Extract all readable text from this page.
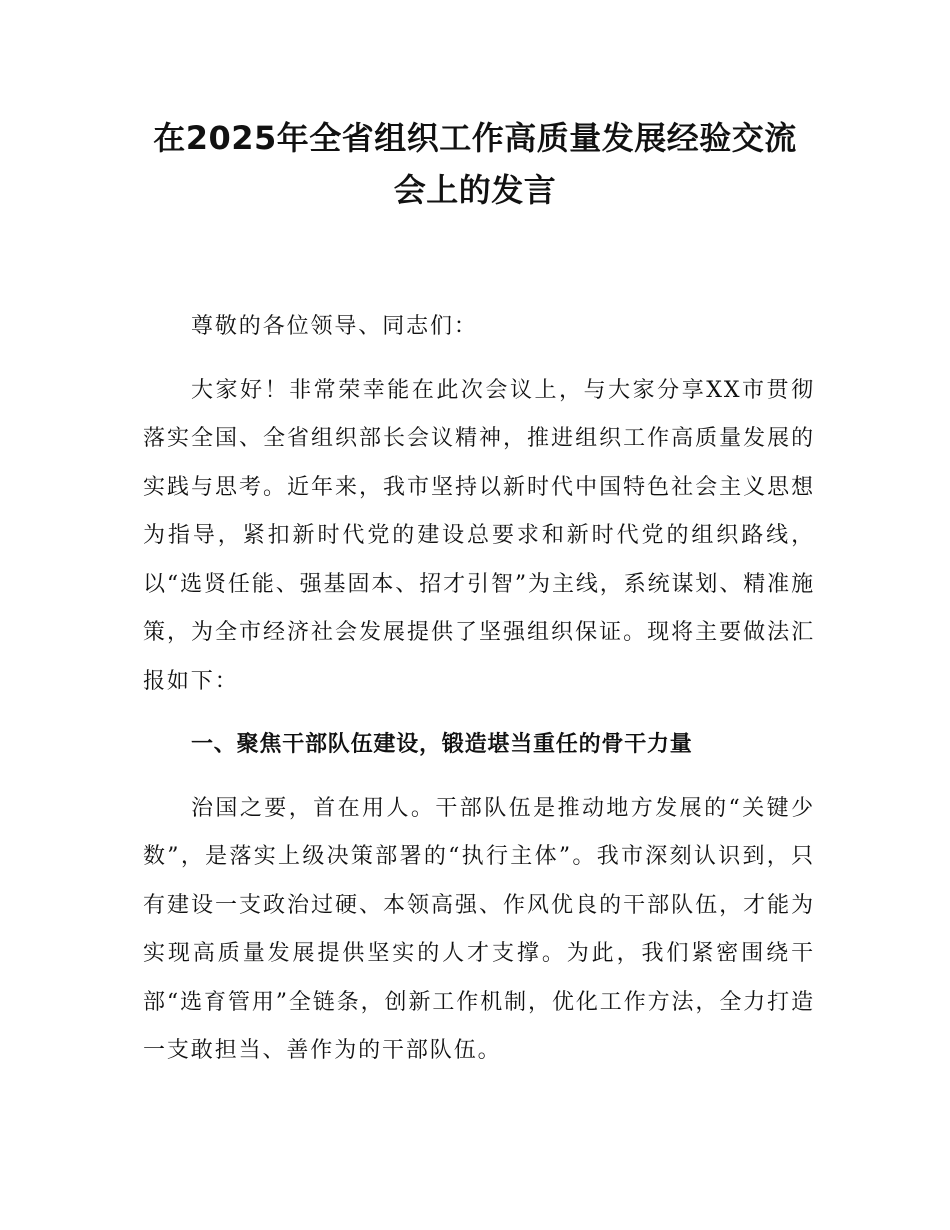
在2025年全省组织工作高质量发展经验交流
会上的发言

尊敬的各位领导、同志们：

大家好！非常荣幸能在此次会议上，与大家分享XX市贯彻落实全国、全省组织部长会议精神，推进组织工作高质量发展的实践与思考。近年来，我市坚持以新时代中国特色社会主义思想为指导，紧扣新时代党的建设总要求和新时代党的组织路线，以“选贤任能、强基固本、招才引智”为主线，系统谋划、精准施策，为全市经济社会发展提供了坚强组织保证。现将主要做法汇报如下：

一、聚焦干部队伍建设，锻造堪当重任的骨干力量

治国之要，首在用人。干部队伍是推动地方发展的“关键少数”，是落实上级决策部署的“执行主体”。我市深刻认识到，只有建设一支政治过硬、本领高强、作风优良的干部队伍，才能为实现高质量发展提供坚实的人才支撑。为此，我们紧密围绕干部“选育管用”全链条，创新工作机制，优化工作方法，全力打造一支敢担当、善作为的干部队伍。
